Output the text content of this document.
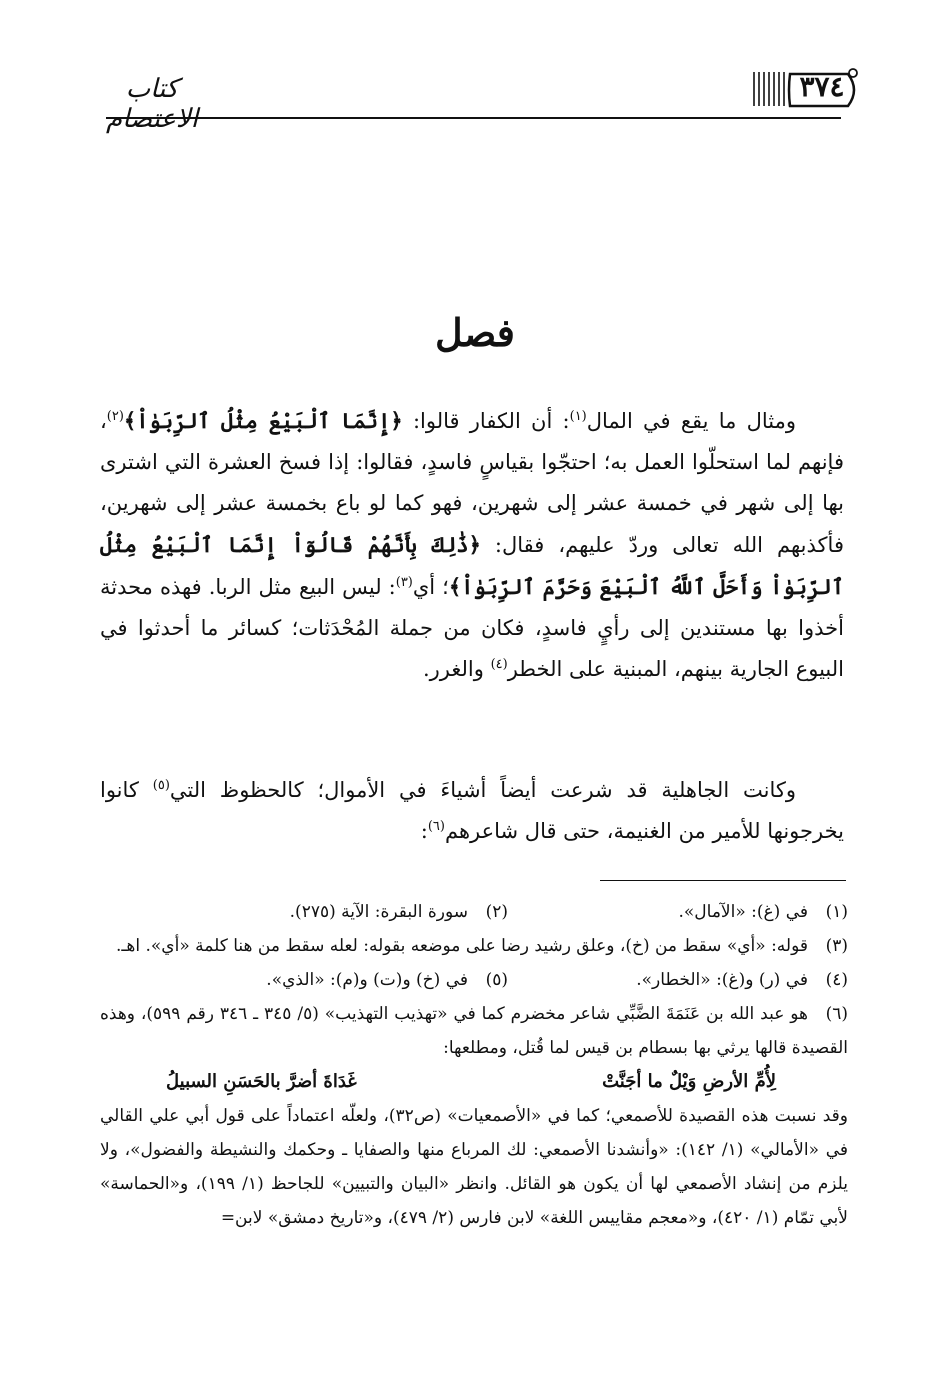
كتاب الاعتصام
٣٧٤
فصل

ومثال ما يقع في المال$^{(١)}$: أن الكفار قالوا: ﴿إِنَّمَا ٱلْبَيْعُ مِثْلُ ٱلرِّبَوٰاْ﴾$^{(٢)}$، فإنهم لما استحلّوا العمل به؛ احتجّوا بقياسٍ فاسدٍ، فقالوا: إذا فسخ العشرة التي اشترى بها إلى شهر في خمسة عشر إلى شهرين، فهو كما لو باع بخمسة عشر إلى شهرين، فأكذبهم الله تعالى وردّ عليهم، فقال: ﴿ذَٰلِكَ بِأَنَّهُمْ قَالُوٓاْ إِنَّمَا ٱلْبَيْعُ مِثْلُ ٱلرِّبَوٰاْ وَأَحَلَّ ٱللَّهُ ٱلْبَيْعَ وَحَرَّمَ ٱلرِّبَوٰاْ﴾؛ أي$^{(٣)}$: ليس البيع مثل الربا. فهذه محدثة أخذوا بها مستندين إلى رأيٍ فاسدٍ، فكان من جملة المُحْدَثات؛ كسائر ما أحدثوا في البيوع الجارية بينهم، المبنية على الخطر$^{(٤)}$ والغرر.

وكانت الجاهلية قد شرعت أيضاً أشياءَ في الأموال؛ كالحظوظ التي$^{(٥)}$ كانوا يخرجونها للأمير من الغنيمة، حتى قال شاعرهم$^{(٦)}$:

(١)في (غ): «الآمال».
(٢)سورة البقرة: الآية (٢٧٥).
(٣)قوله: «أي» سقط من (خ)، وعلق رشيد رضا على موضعه بقوله: لعله سقط من هنا كلمة «أي». اهـ.
(٤)في (ر) و(غ): «الخطار».
(٥)في (خ) و(ت) و(م): «الذي».
(٦)هو عبد الله بن عَنَمَةَ الضَّبِّي شاعر مخضرم كما في «تهذيب التهذيب» (٥/ ٣٤٥ ـ ٣٤٦ رقم ٥٩٩)، وهذه القصيدة قالها يرثي بها بسطام بن قيس لما قُتل، ومطلعها:
لِأُمِّ الأرضِ وَيْلٌ ما أجَنَّتْ
غَدَاةَ أضرَّ بالحَسَنِ السبيلُ
وقد نسبت هذه القصيدة للأصمعي؛ كما في «الأصمعيات» (ص٣٢)، ولعلّه اعتماداً على قول أبي علي القالي في «الأمالي» (١/ ١٤٢): «وأنشدنا الأصمعي: لك المرباع منها والصفايا ـ وحكمك والنشيطة والفضول»، ولا يلزم من إنشاد الأصمعي لها أن يكون هو القائل. وانظر «البيان والتبيين» للجاحظ (١/ ١٩٩)، و«الحماسة» لأبي تمّام (١/ ٤٢٠)، و«معجم مقاييس اللغة» لابن فارس (٢/ ٤٧٩)، و«تاريخ دمشق» لابن=
